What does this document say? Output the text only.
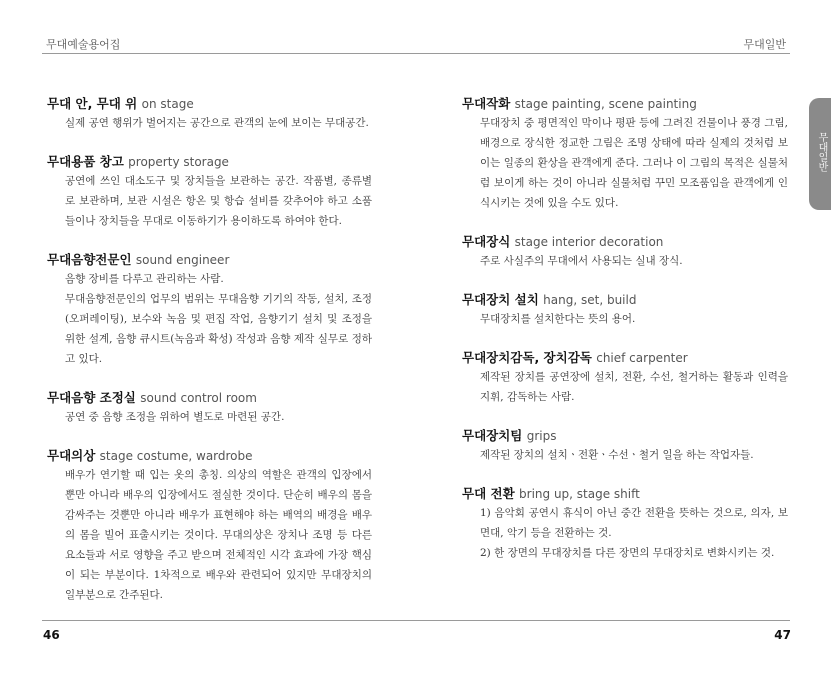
무대예술용어집	무대일반
무대일반
무대 안, 무대 위 on stage

실제 공연 행위가 벌어지는 공간으로 관객의 눈에 보이는 무대공간.

무대용품 창고 property storage

공연에 쓰인 대소도구 및 장치들을 보관하는 공간. 작품별, 종류별로 보관하며, 보관 시설은 항온 및 항습 설비를 갖추어야 하고 소품들이나 장치들을 무대로 이동하기가 용이하도록 하여야 한다.

무대음향전문인 sound engineer

음향 장비를 다루고 관리하는 사람.

무대음향전문인의 업무의 범위는 무대음향 기기의 작동, 설치, 조정(오퍼레이팅), 보수와 녹음 및 편집 작업, 음향기기 설치 및 조정을 위한 설계, 음향 큐시트(녹음과 확성) 작성과 음향 제작 실무로 정하고 있다.

무대음향 조정실 sound control room

공연 중 음향 조정을 위하여 별도로 마련된 공간.

무대의상 stage costume, wardrobe

배우가 연기할 때 입는 옷의 총칭. 의상의 역할은 관객의 입장에서뿐만 아니라 배우의 입장에서도 절실한 것이다. 단순히 배우의 몸을 감싸주는 것뿐만 아니라 배우가 표현해야 하는 배역의 배경을 배우의 몸을 빌어 표출시키는 것이다. 무대의상은 장치나 조명 등 다른 요소들과 서로 영향을 주고 받으며 전체적인 시각 효과에 가장 핵심이 되는 부분이다. 1차적으로 배우와 관련되어 있지만 무대장치의 일부분으로 간주된다.

무대작화 stage painting, scene painting

무대장치 중 평면적인 막이나 평판 등에 그려진 건물이나 풍경 그림, 배경으로 장식한 정교한 그림은 조명 상태에 따라 실제의 것처럼 보이는 일종의 환상을 관객에게 준다. 그러나 이 그림의 목적은 실물처럼 보이게 하는 것이 아니라 실물처럼 꾸민 모조품임을 관객에게 인식시키는 것에 있을 수도 있다.

무대장식 stage interior decoration

주로 사실주의 무대에서 사용되는 실내 장식.

무대장치 설치 hang, set, build

무대장치를 설치한다는 뜻의 용어.

무대장치감독, 장치감독 chief carpenter

제작된 장치를 공연장에 설치, 전환, 수선, 철거하는 활동과 인력을 지휘, 감독하는 사람.

무대장치팀 grips

제작된 장치의 설치ㆍ전환ㆍ수선ㆍ철거 일을 하는 작업자들.

무대 전환 bring up, stage shift

1) 음악회 공연시 휴식이 아닌 중간 전환을 뜻하는 것으로, 의자, 보면대, 악기 등을 전환하는 것.

2) 한 장면의 무대장치를 다른 장면의 무대장치로 변화시키는 것.

46	47
